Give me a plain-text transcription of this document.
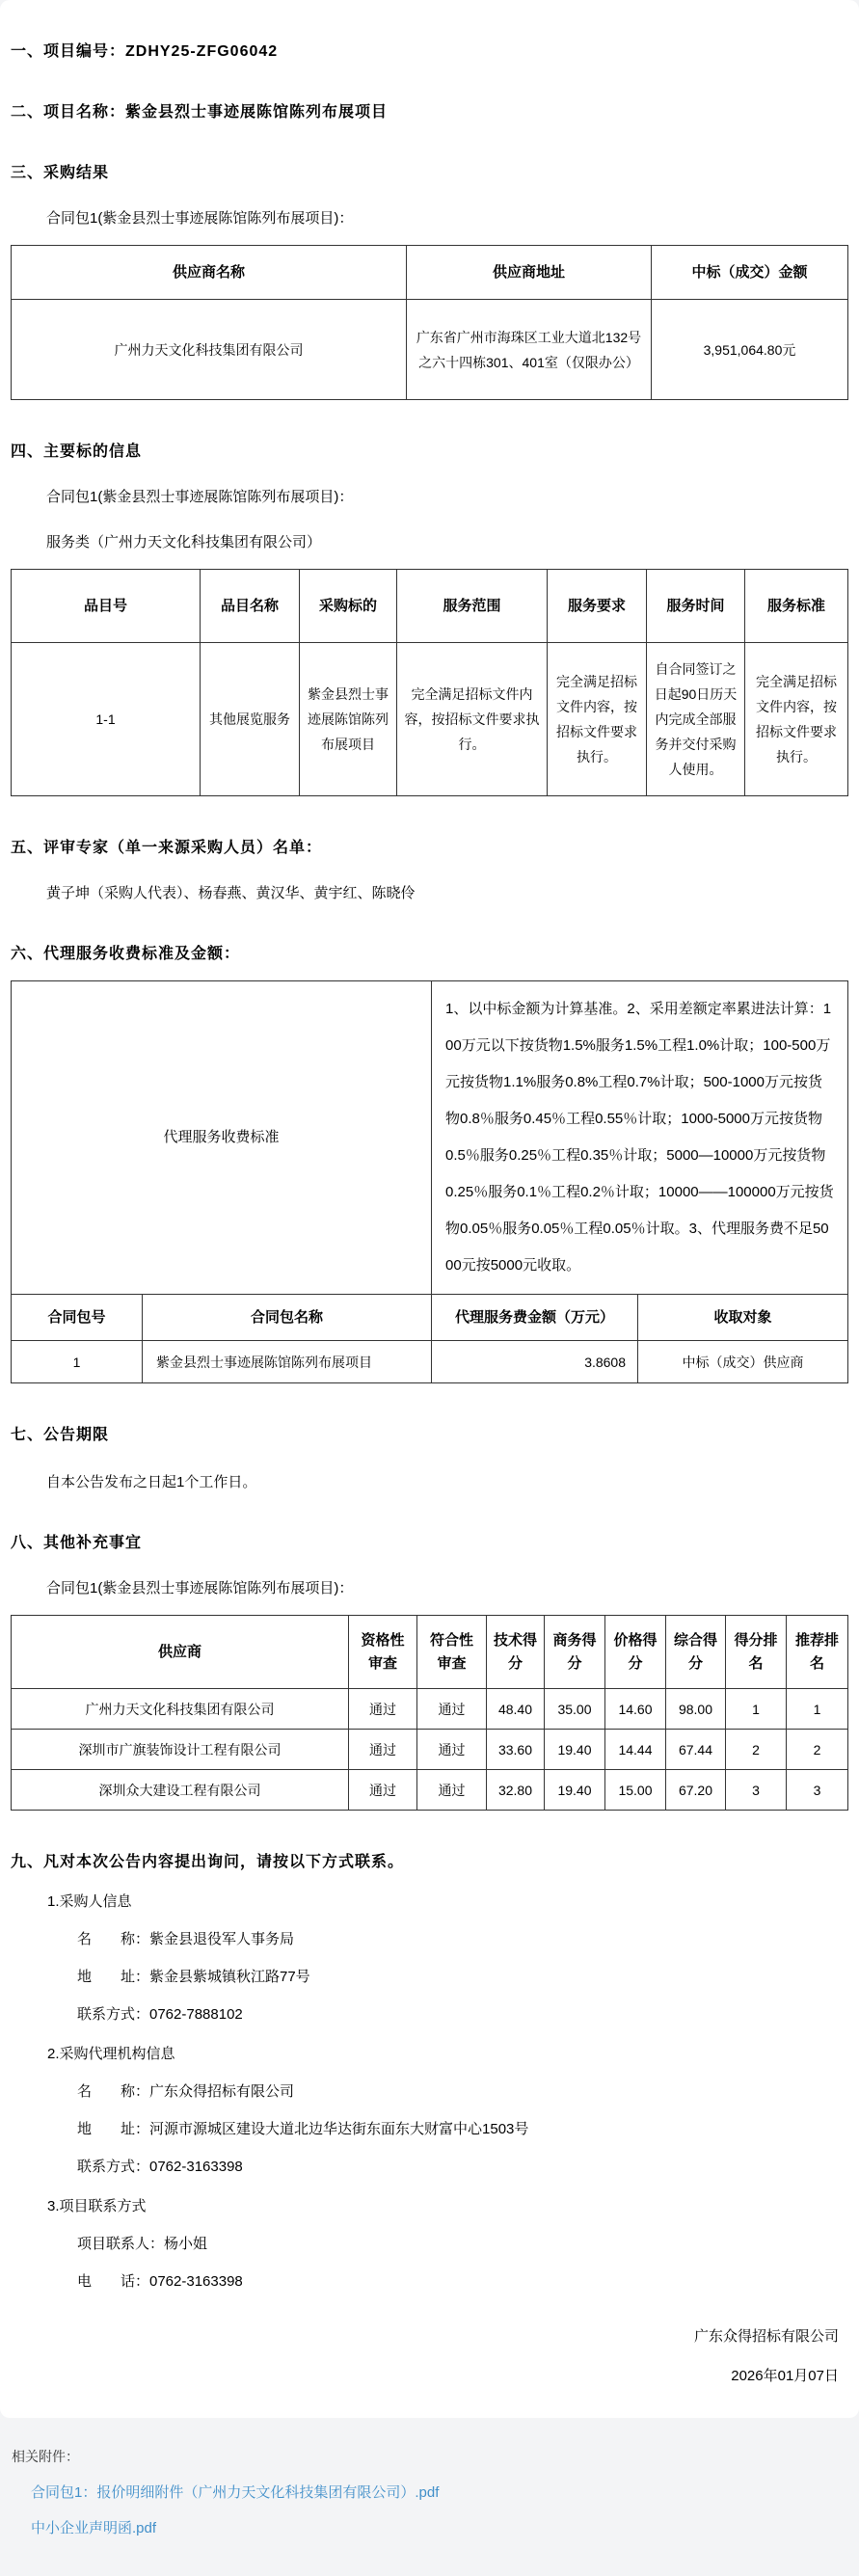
一、项目编号：ZDHY25-ZFG06042
二、项目名称：紫金县烈士事迹展陈馆陈列布展项目
三、采购结果
合同包1(紫金县烈士事迹展陈馆陈列布展项目)：
供应商名称	供应商地址	中标（成交）金额
广州力天文化科技集团有限公司	广东省广州市海珠区工业大道北132号之六十四栋301、401室（仅限办公）	3,951,064.80元
四、主要标的信息
合同包1(紫金县烈士事迹展陈馆陈列布展项目)：
服务类（广州力天文化科技集团有限公司）
品目号	品目名称	采购标的	服务范围	服务要求	服务时间	服务标准
1-1	其他展览服务	紫金县烈士事迹展陈馆陈列布展项目	完全满足招标文件内容，按招标文件要求执行。	完全满足招标文件内容，按招标文件要求执行。	自合同签订之日起90日历天内完成全部服务并交付采购人使用。	完全满足招标文件内容，按招标文件要求执行。
五、评审专家（单一来源采购人员）名单：
黄子坤（采购人代表）、杨春燕、黄汉华、黄宇红、陈晓伶
六、代理服务收费标准及金额：
代理服务收费标准		1、以中标金额为计算基准。2、采用差额定率累进法计算：100万元以下按货物1.5%服务1.5%工程1.0%计取；100-500万元按货物1.1%服务0.8%工程0.7%计取；500-1000万元按货物0.8％服务0.45％工程0.55％计取；1000-5000万元按货物0.5％服务0.25％工程0.35％计取；5000—10000万元按货物0.25％服务0.1％工程0.2％计取；10000——100000万元按货物0.05％服务0.05％工程0.05％计取。3、代理服务费不足5000元按5000元收取。	
合同包号	合同包名称	代理服务费金额（万元）	收取对象
1	紫金县烈士事迹展陈馆陈列布展项目	3.8608	中标（成交）供应商
七、公告期限
自本公告发布之日起1个工作日。
八、其他补充事宜
合同包1(紫金县烈士事迹展陈馆陈列布展项目)：
供应商	资格性审查	符合性审查	技术得分	商务得分	价格得分	综合得分	得分排名	推荐排名
广州力天文化科技集团有限公司	通过	通过	48.40	35.00	14.60	98.00	1	1
深圳市广旗装饰设计工程有限公司	通过	通过	33.60	19.40	14.44	67.44	2	2
深圳众大建设工程有限公司	通过	通过	32.80	19.40	15.00	67.20	3	3
九、凡对本次公告内容提出询问，请按以下方式联系。
1.采购人信息
名　　称：紫金县退役军人事务局
地　　址：紫金县紫城镇秋江路77号
联系方式：0762-7888102
2.采购代理机构信息
名　　称：广东众得招标有限公司
地　　址：河源市源城区建设大道北边华达街东面东大财富中心1503号
联系方式：0762-3163398
3.项目联系方式
项目联系人：杨小姐
电　　话：0762-3163398
广东众得招标有限公司
2026年01月07日
相关附件：
合同包1：报价明细附件（广州力天文化科技集团有限公司）.pdf
中小企业声明函.pdf
